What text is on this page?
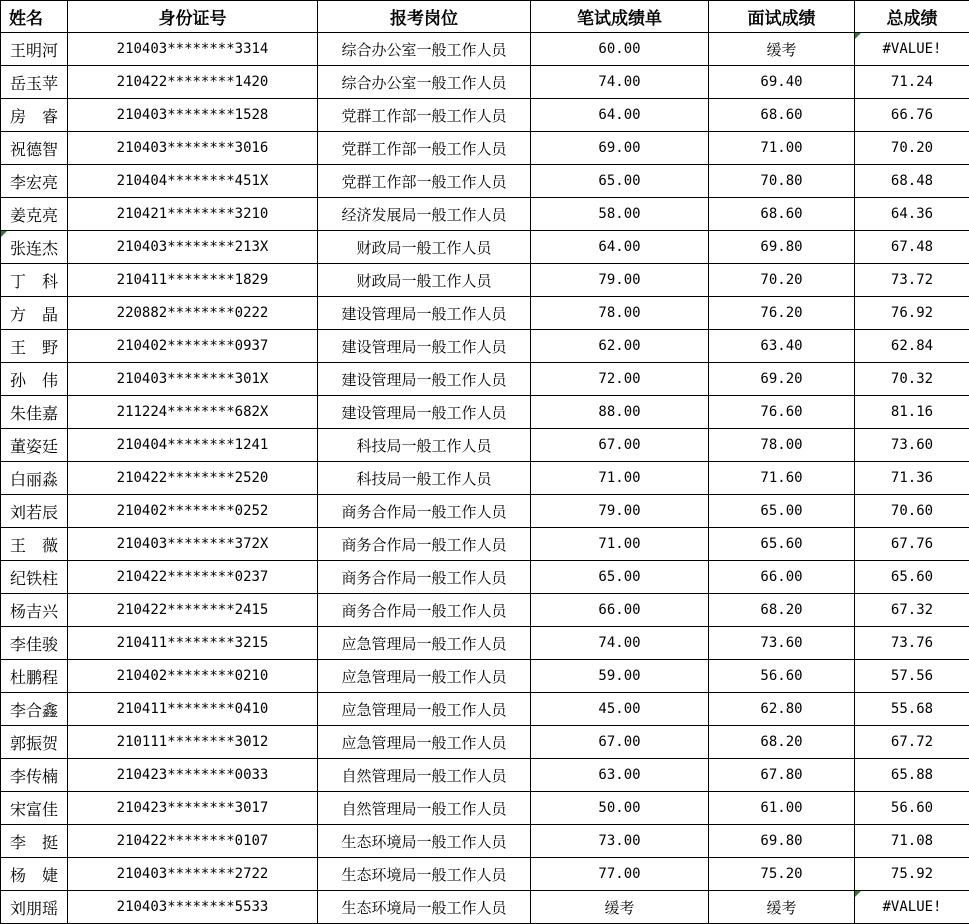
姓名	身份证号	报考岗位	笔试成绩单	面试成绩	总成绩
王明河	210403********3314	综合办公室一般工作人员	60.00	缓考	#VALUE!
岳玉苹	210422********1420	综合办公室一般工作人员	74.00	69.40	71.24
房　睿	210403********1528	党群工作部一般工作人员	64.00	68.60	66.76
祝德智	210403********3016	党群工作部一般工作人员	69.00	71.00	70.20
李宏亮	210404********451X	党群工作部一般工作人员	65.00	70.80	68.48
姜克亮	210421********3210	经济发展局一般工作人员	58.00	68.60	64.36
张连杰	210403********213X	财政局一般工作人员	64.00	69.80	67.48
丁　科	210411********1829	财政局一般工作人员	79.00	70.20	73.72
方　晶	220882********0222	建设管理局一般工作人员	78.00	76.20	76.92
王　野	210402********0937	建设管理局一般工作人员	62.00	63.40	62.84
孙　伟	210403********301X	建设管理局一般工作人员	72.00	69.20	70.32
朱佳嘉	211224********682X	建设管理局一般工作人员	88.00	76.60	81.16
董姿廷	210404********1241	科技局一般工作人员	67.00	78.00	73.60
白丽淼	210422********2520	科技局一般工作人员	71.00	71.60	71.36
刘若辰	210402********0252	商务合作局一般工作人员	79.00	65.00	70.60
王　薇	210403********372X	商务合作局一般工作人员	71.00	65.60	67.76
纪铁柱	210422********0237	商务合作局一般工作人员	65.00	66.00	65.60
杨吉兴	210422********2415	商务合作局一般工作人员	66.00	68.20	67.32
李佳骏	210411********3215	应急管理局一般工作人员	74.00	73.60	73.76
杜鹏程	210402********0210	应急管理局一般工作人员	59.00	56.60	57.56
李合鑫	210411********0410	应急管理局一般工作人员	45.00	62.80	55.68
郭振贺	210111********3012	应急管理局一般工作人员	67.00	68.20	67.72
李传楠	210423********0033	自然管理局一般工作人员	63.00	67.80	65.88
宋富佳	210423********3017	自然管理局一般工作人员	50.00	61.00	56.60
李　挺	210422********0107	生态环境局一般工作人员	73.00	69.80	71.08
杨　婕	210403********2722	生态环境局一般工作人员	77.00	75.20	75.92
刘朋瑶	210403********5533	生态环境局一般工作人员	缓考	缓考	#VALUE!
